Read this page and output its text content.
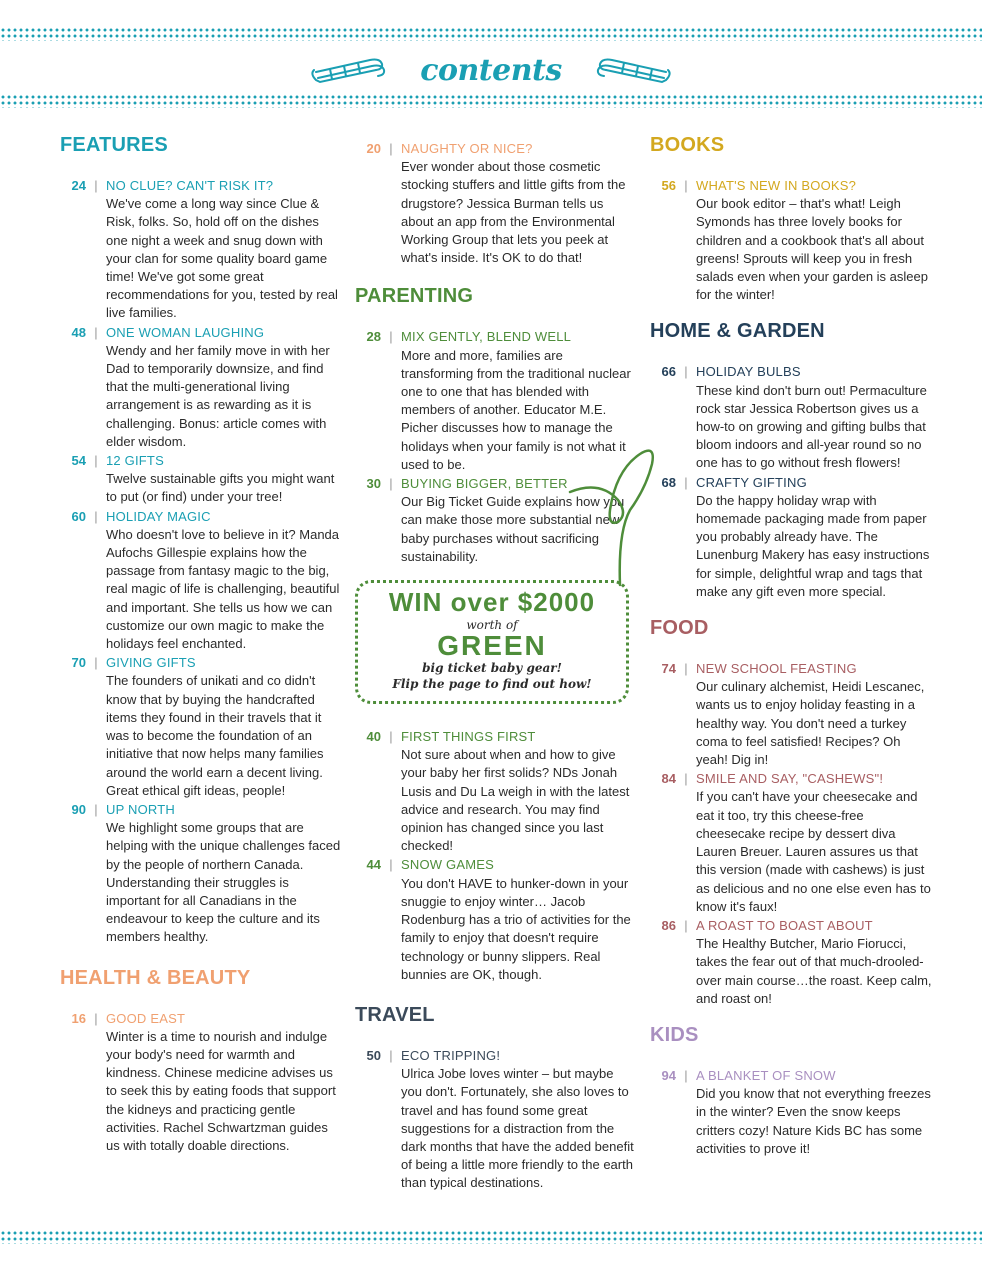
contents
FEATURES
24 | NO CLUE? CAN'T RISK IT?
We've come a long way since Clue & Risk, folks. So, hold off on the dishes one night a week and snug down with your clan for some quality board game time! We've got some great recommendations for you, tested by real live families.
48 | ONE WOMAN LAUGHING
Wendy and her family move in with her Dad to temporarily downsize, and find that the multi-generational living arrangement is as rewarding as it is challenging. Bonus: article comes with elder wisdom.
54 | 12 GIFTS
Twelve sustainable gifts you might want to put (or find) under your tree!
60 | HOLIDAY MAGIC
Who doesn't love to believe in it? Manda Aufochs Gillespie explains how the passage from fantasy magic to the big, real magic of life is challenging, beautiful and important. She tells us how we can customize our own magic to make the holidays feel enchanted.
70 | GIVING GIFTS
The founders of unikati and co didn't know that by buying the handcrafted items they found in their travels that it was to become the foundation of an initiative that now helps many families around the world earn a decent living. Great ethical gift ideas, people!
90 | UP NORTH
We highlight some groups that are helping with the unique challenges faced by the people of northern Canada. Understanding their struggles is important for all Canadians in the endeavour to keep the culture and its members healthy.
HEALTH & BEAUTY
16 | GOOD EAST
Winter is a time to nourish and indulge your body's need for warmth and kindness. Chinese medicine advises us to seek this by eating foods that support the kidneys and practicing gentle activities. Rachel Schwartzman guides us with totally doable directions.
20 | NAUGHTY OR NICE?
Ever wonder about those cosmetic stocking stuffers and little gifts from the drugstore? Jessica Burman tells us about an app from the Environmental Working Group that lets you peek at what's inside. It's OK to do that!
PARENTING
28 | MIX GENTLY, BLEND WELL
More and more, families are transforming from the traditional nuclear one to one that has blended with members of another. Educator M.E. Picher discusses how to manage the holidays when your family is not what it used to be.
30 | BUYING BIGGER, BETTER
Our Big Ticket Guide explains how you can make those more substantial new baby purchases without sacrificing sustainability.
WIN over $2000
worth of
GREEN
big ticket baby gear!
Flip the page to find out how!
40 | FIRST THINGS FIRST
Not sure about when and how to give your baby her first solids? NDs Jonah Lusis and Du La weigh in with the latest advice and research. You may find opinion has changed since you last checked!
44 | SNOW GAMES
You don't HAVE to hunker-down in your snuggie to enjoy winter… Jacob Rodenburg has a trio of activities for the family to enjoy that doesn't require technology or bunny slippers. Real bunnies are OK, though.
TRAVEL
50 | ECO TRIPPING!
Ulrica Jobe loves winter – but maybe you don't. Fortunately, she also loves to travel and has found some great suggestions for a distraction from the dark months that have the added benefit of being a little more friendly to the earth than typical destinations.
BOOKS
56 | WHAT'S NEW IN BOOKS?
Our book editor – that's what! Leigh Symonds has three lovely books for children and a cookbook that's all about greens! Sprouts will keep you in fresh salads even when your garden is asleep for the winter!
HOME & GARDEN
66 | HOLIDAY BULBS
These kind don't burn out! Permaculture rock star Jessica Robertson gives us a how-to on growing and gifting bulbs that bloom indoors and all-year round so no one has to go without fresh flowers!
68 | CRAFTY GIFTING
Do the happy holiday wrap with homemade packaging made from paper you probably already have. The Lunenburg Makery has easy instructions for simple, delightful wrap and tags that make any gift even more special.
FOOD
74 | NEW SCHOOL FEASTING
Our culinary alchemist, Heidi Lescanec, wants us to enjoy holiday feasting in a healthy way. You don't need a turkey coma to feel satisfied! Recipes? Oh yeah! Dig in!
84 | SMILE AND SAY, "CASHEWS"!
If you can't have your cheesecake and eat it too, try this cheese-free cheesecake recipe by dessert diva Lauren Breuer. Lauren assures us that this version (made with cashews) is just as delicious and no one else even has to know it's faux!
86 | A ROAST TO BOAST ABOUT
The Healthy Butcher, Mario Fiorucci, takes the fear out of that much-drooled-over main course…the roast. Keep calm, and roast on!
KIDS
94 | A BLANKET OF SNOW
Did you know that not everything freezes in the winter? Even the snow keeps critters cozy! Nature Kids BC has some activities to prove it!
